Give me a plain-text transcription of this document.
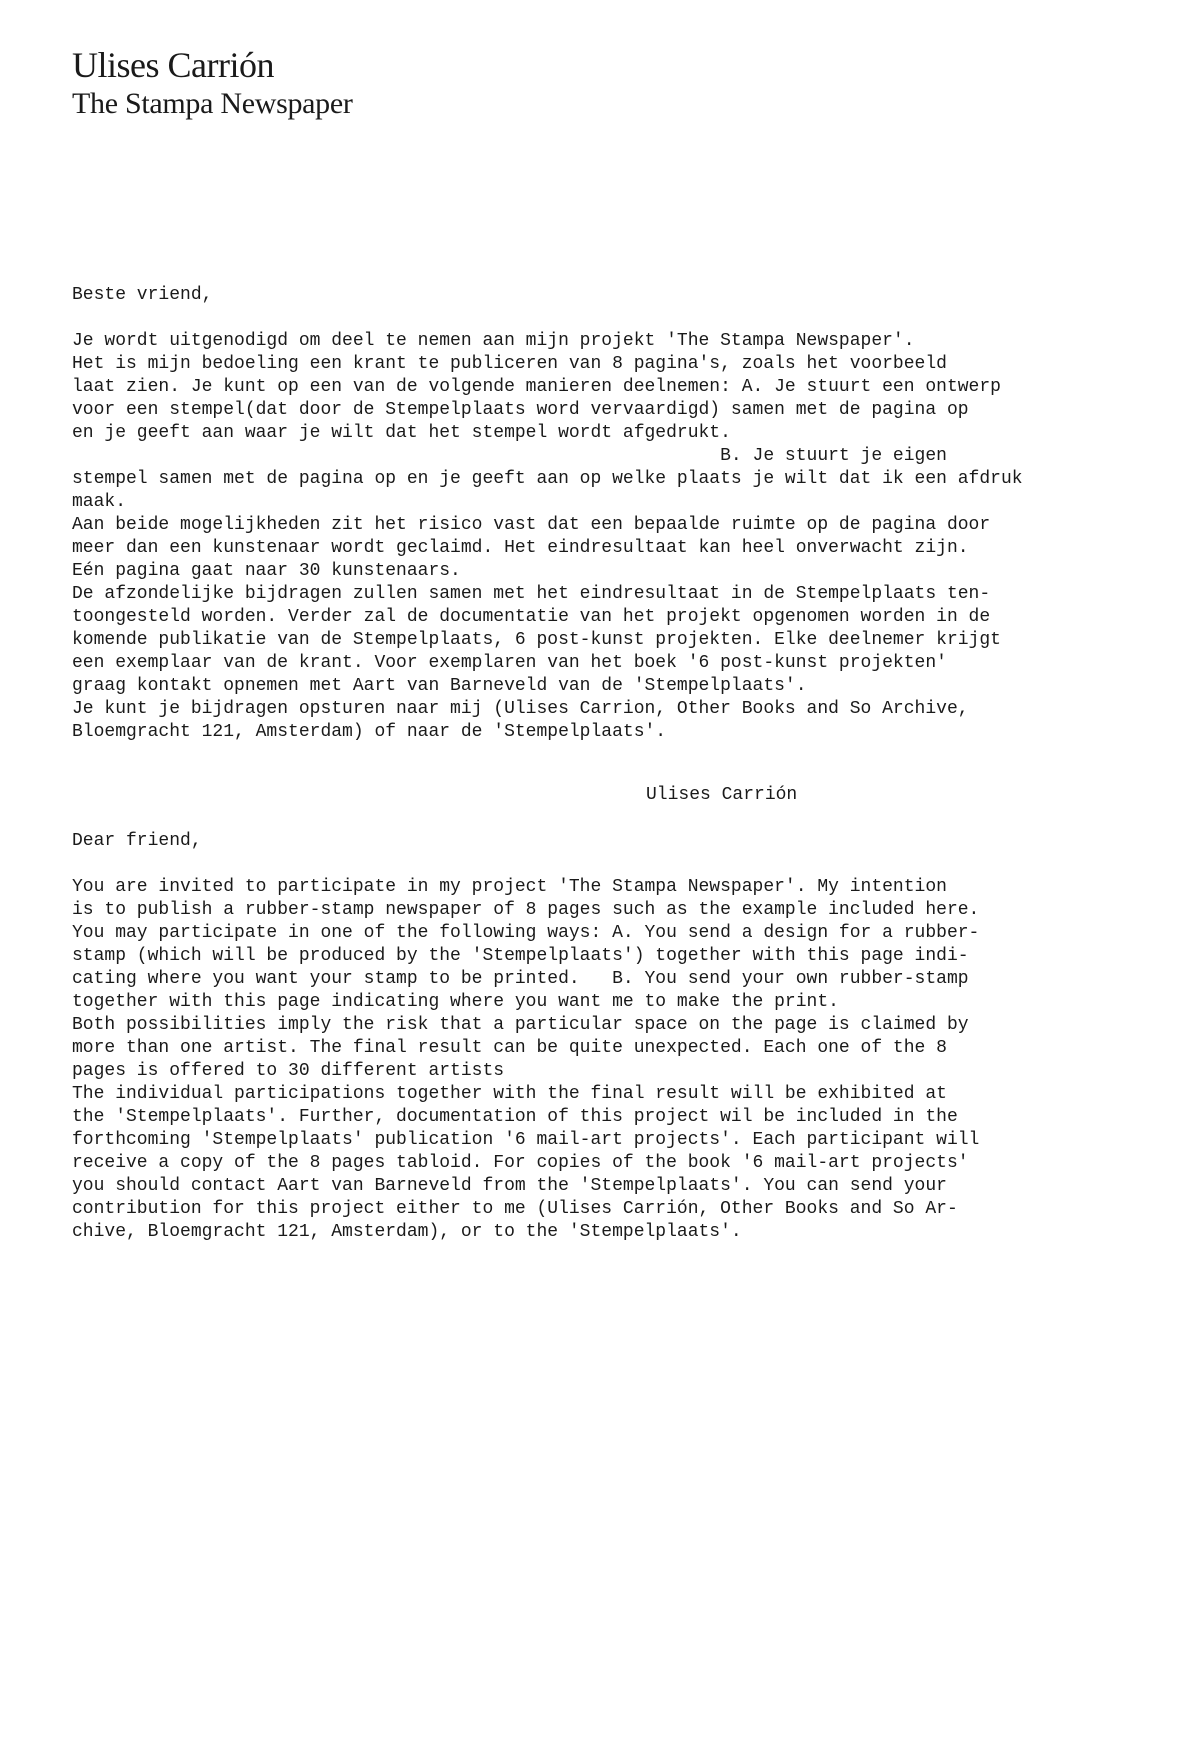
Ulises Carrión
The Stampa Newspaper
Beste vriend,
Je wordt uitgenodigd om deel te nemen aan mijn projekt 'The Stampa Newspaper'.
Het is mijn bedoeling een krant te publiceren van 8 pagina's, zoals het voorbeeld
laat zien. Je kunt op een van de volgende manieren deelnemen: A. Je stuurt een ontwerp
voor een stempel(dat door de Stempelplaats word vervaardigd) samen met de pagina op
en je geeft aan waar je wilt dat het stempel wordt afgedrukt.
B. Je stuurt je eigen
stempel samen met de pagina op en je geeft aan op welke plaats je wilt dat ik een afdruk
maak.
Aan beide mogelijkheden zit het risico vast dat een bepaalde ruimte op de pagina door
meer dan een kunstenaar wordt geclaimd. Het eindresultaat kan heel onverwacht zijn.
Eén pagina gaat naar 30 kunstenaars.
De afzondelijke bijdragen zullen samen met het eindresultaat in de Stempelplaats ten-
toongesteld worden. Verder zal de documentatie van het projekt opgenomen worden in de
komende publikatie van de Stempelplaats, 6 post-kunst projekten. Elke deelnemer krijgt
een exemplaar van de krant. Voor exemplaren van het boek '6 post-kunst projekten'
graag kontakt opnemen met Aart van Barneveld van de 'Stempelplaats'.
Je kunt je bijdragen opsturen naar mij (Ulises Carrion, Other Books and So Archive,
Bloemgracht 121, Amsterdam) of naar de 'Stempelplaats'.
Ulises Carrión
Dear friend,
You are invited to participate in my project 'The Stampa Newspaper'. My intention
is to publish a rubber-stamp newspaper of 8 pages such as the example included here.
You may participate in one of the following ways: A. You send a design for a rubber-
stamp (which will be produced by the 'Stempelplaats') together with this page indi-
cating where you want your stamp to be printed.   B. You send your own rubber-stamp
together with this page indicating where you want me to make the print.
Both possibilities imply the risk that a particular space on the page is claimed by
more than one artist. The final result can be quite unexpected. Each one of the 8
pages is offered to 30 different artists
The individual participations together with the final result will be exhibited at
the 'Stempelplaats'. Further, documentation of this project wil be included in the
forthcoming 'Stempelplaats' publication '6 mail-art projects'. Each participant will
receive a copy of the 8 pages tabloid. For copies of the book '6 mail-art projects'
you should contact Aart van Barneveld from the 'Stempelplaats'. You can send your
contribution for this project either to me (Ulises Carrión, Other Books and So Ar-
chive, Bloemgracht 121, Amsterdam), or to the 'Stempelplaats'.
